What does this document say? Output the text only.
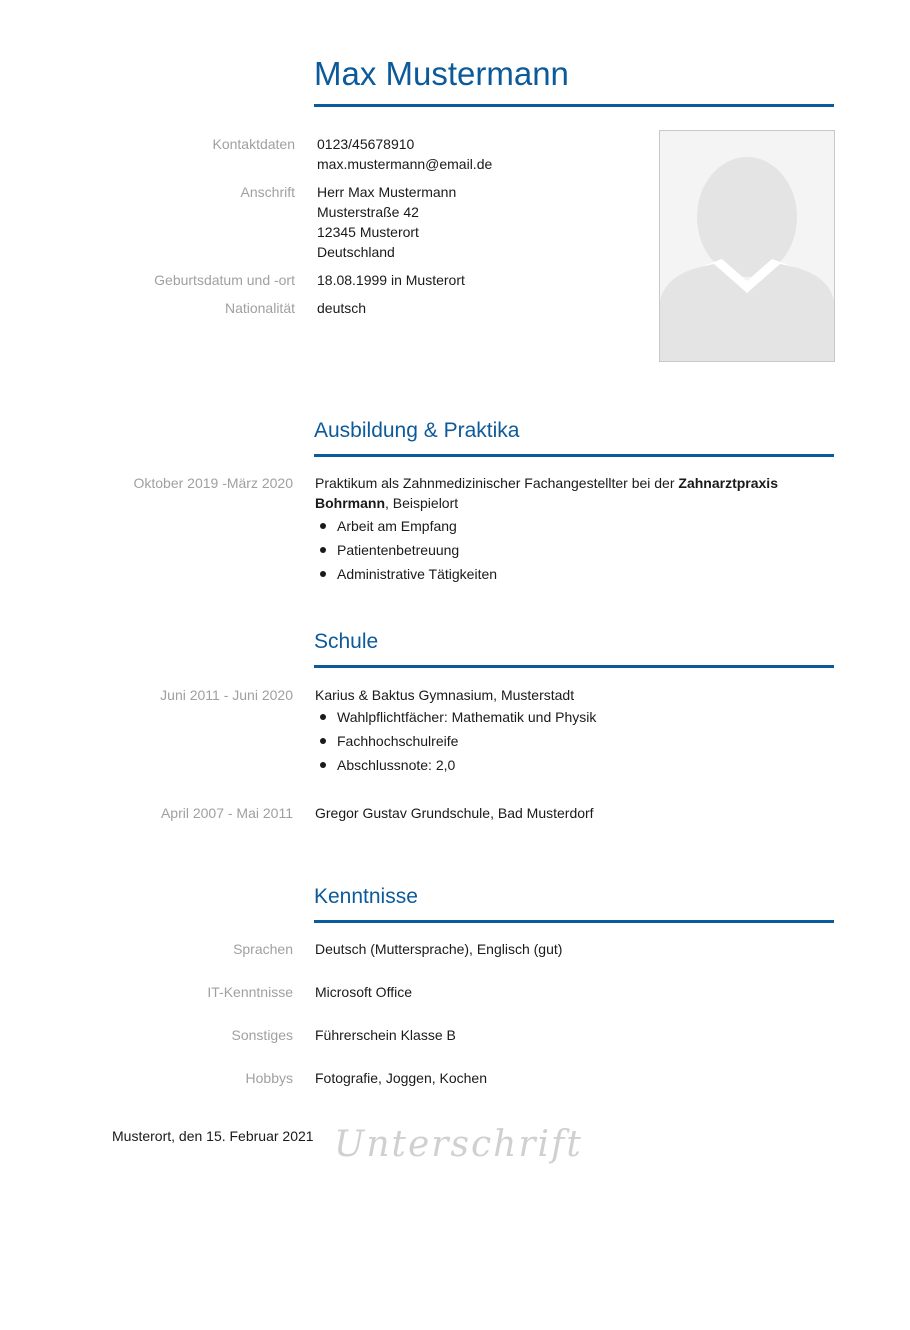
Max Mustermann
Kontaktdaten 0123/45678910
max.mustermann@email.de
Anschrift Herr Max Mustermann
Musterstraße 42
12345 Musterort
Deutschland
Geburtsdatum und -ort 18.08.1999 in Musterort
Nationalität deutsch
Ausbildung & Praktika
Oktober 2019 -März 2020 Praktikum als Zahnmedizinischer Fachangestellter bei der Zahnarztpraxis
Bohrmann, Beispielort
Arbeit am Empfang
Patientenbetreuung
Administrative Tätigkeiten
Schule
Juni 2011 - Juni 2020 Karius & Baktus Gymnasium, Musterstadt
Wahlpflichtfächer: Mathematik und Physik
Fachhochschulreife
Abschlussnote: 2,0
April 2007 - Mai 2011 Gregor Gustav Grundschule, Bad Musterdorf
Kenntnisse
Sprachen Deutsch (Muttersprache), Englisch (gut)
IT-Kenntnisse Microsoft Office
Sonstiges Führerschein Klasse B
Hobbys Fotografie, Joggen, Kochen
Musterort, den 15. Februar 2021 Unterschrift
